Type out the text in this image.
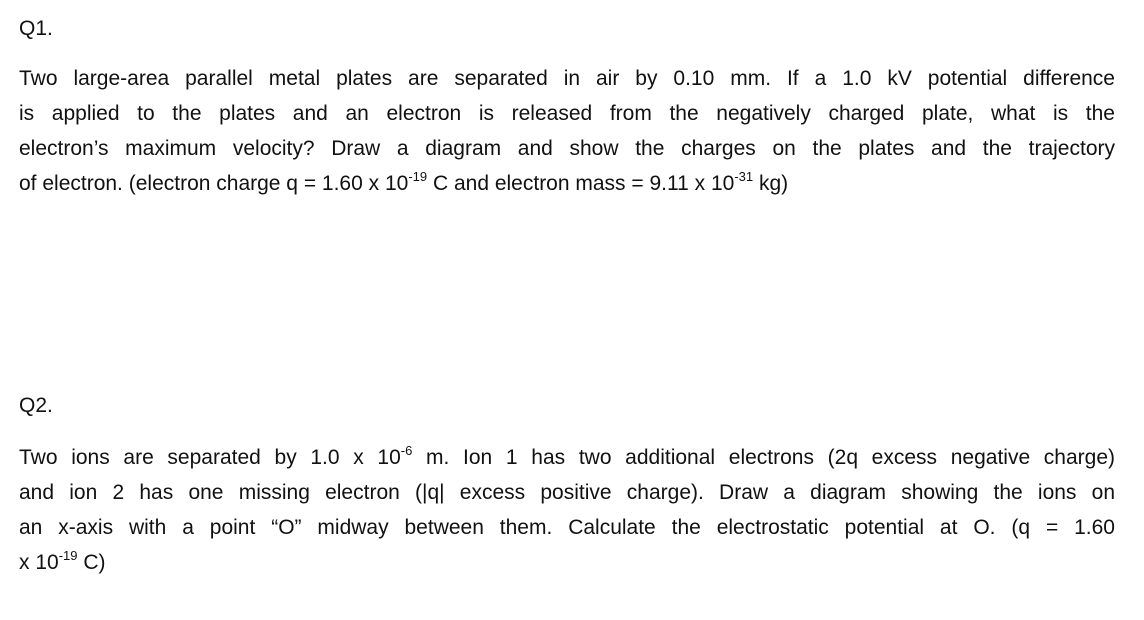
Q1.
Two large-area parallel metal plates are separated in air by 0.10 mm. If a 1.0 kV potential difference
is applied to the plates and an electron is released from the negatively charged plate, what is the
electron’s maximum velocity? Draw a diagram and show the charges on the plates and the trajectory
of electron. (electron charge q = 1.60 x $10^{-19}$ C and electron mass = 9.11 x $10^{-31}$ kg)
Q2.
Two ions are separated by 1.0 x $10^{-6}$ m. Ion 1 has two additional electrons (2q excess negative charge)
and ion 2 has one missing electron (|q| excess positive charge). Draw a diagram showing the ions on
an x-axis with a point “O” midway between them. Calculate the electrostatic potential at O. (q = 1.60
x $10^{-19}$ C)
